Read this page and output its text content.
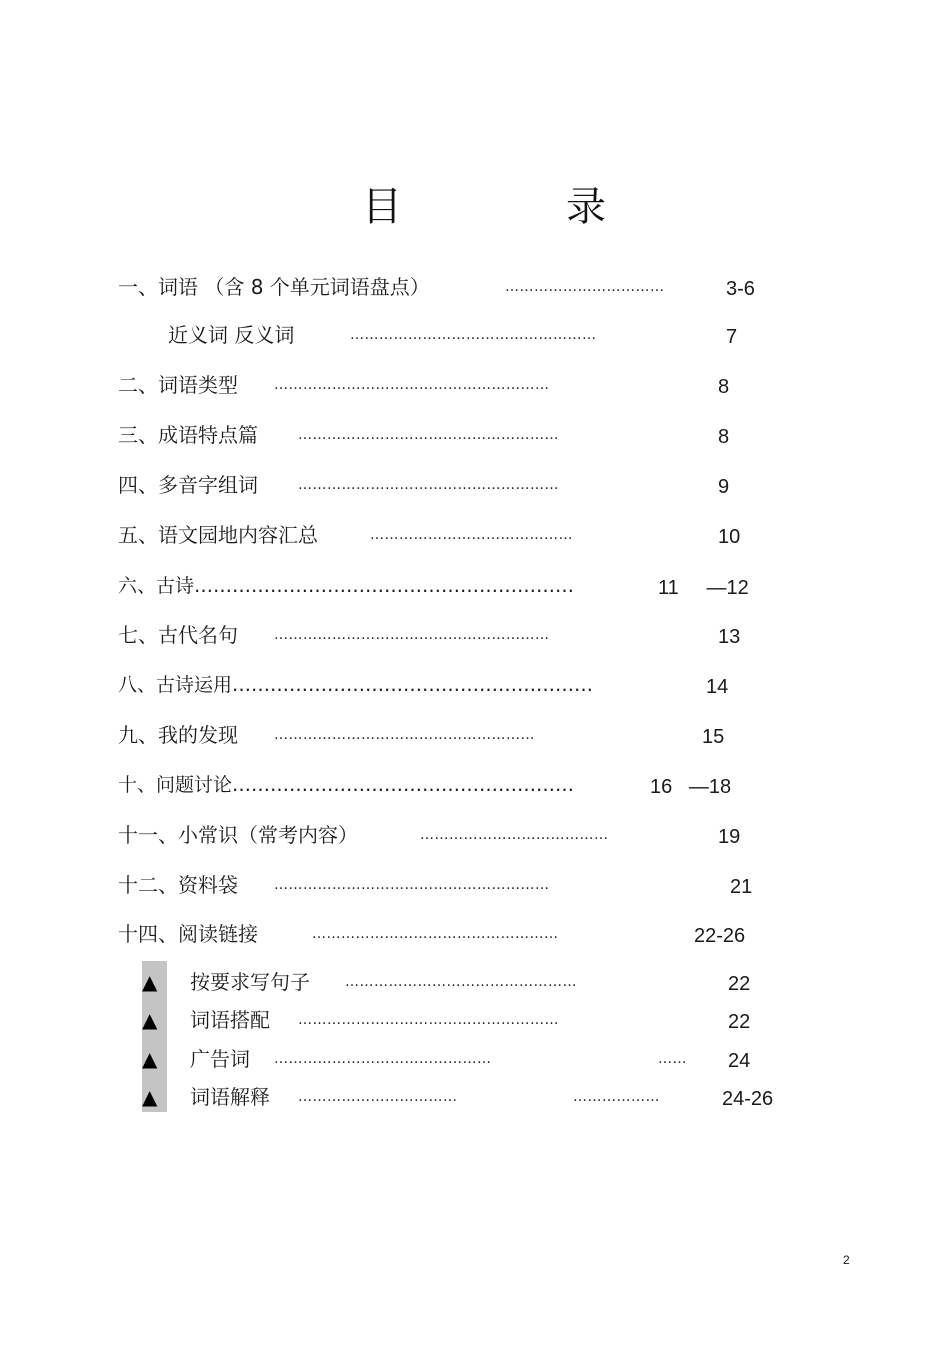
目	录
一、词语 （含 8 个单元词语盘点）	……………………………	3-6
近义词 反义词	……………………………………………	7
二、词语类型	…………………………………………………	8
三、成语特点篇	………………………………………………	8
四、多音字组词	………………………………………………	9
五、语文园地内容汇总	……………………………………	10
六、古诗……………………………………………………	11     —12
七、古代名句	…………………………………………………	13
八、古诗运用…………………………………………………	14
九、我的发现	………………………………………………	15
十、问题讨论………………………………………………	16   —18
十一、小常识（常考内容）	…………………………………	19
十二、资料袋	…………………………………………………	21
十四、阅读链接	……………………………………………	22-26
▲ 按要求写句子	…………………………………………	22
▲ 词语搭配 ………………………………………………	22
▲ 广告词 ………………………………………	…… 24
▲ 词语解释 ……………………………	………………	24-26
2
